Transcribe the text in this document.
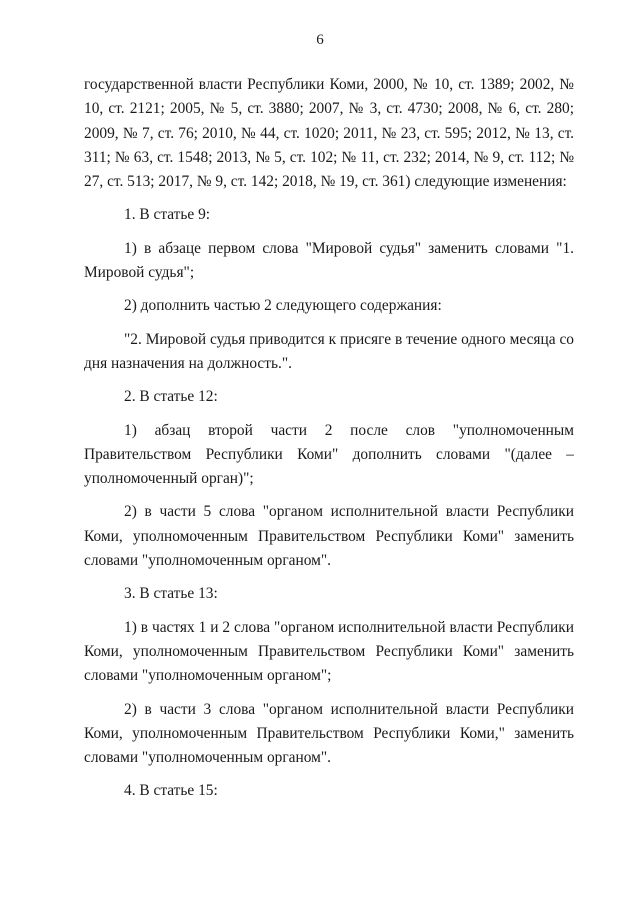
6

государственной власти Республики Коми, 2000, № 10, ст. 1389; 2002, № 10, ст. 2121; 2005, № 5, ст. 3880; 2007, № 3, ст. 4730; 2008, № 6, ст. 280; 2009, № 7, ст. 76; 2010, № 44, ст. 1020; 2011, № 23, ст. 595; 2012, № 13, ст. 311; № 63, ст. 1548; 2013, № 5, ст. 102; № 11, ст. 232; 2014, № 9, ст. 112; № 27, ст. 513; 2017, № 9, ст. 142; 2018, № 19, ст. 361) следующие изменения:

1. В статье 9:

1) в абзаце первом слова "Мировой судья" заменить словами "1. Мировой судья";

2) дополнить частью 2 следующего содержания:

"2. Мировой судья приводится к присяге в течение одного месяца со дня назначения на должность.".

2. В статье 12:

1) абзац второй части 2 после слов "уполномоченным Правительством Республики Коми" дополнить словами "(далее – уполномоченный орган)";

2) в части 5 слова "органом исполнительной власти Республики Коми, уполномоченным Правительством Республики Коми" заменить словами "уполномоченным органом".

3. В статье 13:

1) в частях 1 и 2 слова "органом исполнительной власти Республики Коми, уполномоченным Правительством Республики Коми" заменить словами "уполномоченным органом";

2) в части 3 слова "органом исполнительной власти Республики Коми, уполномоченным Правительством Республики Коми," заменить словами "уполномоченным органом".

4. В статье 15:
